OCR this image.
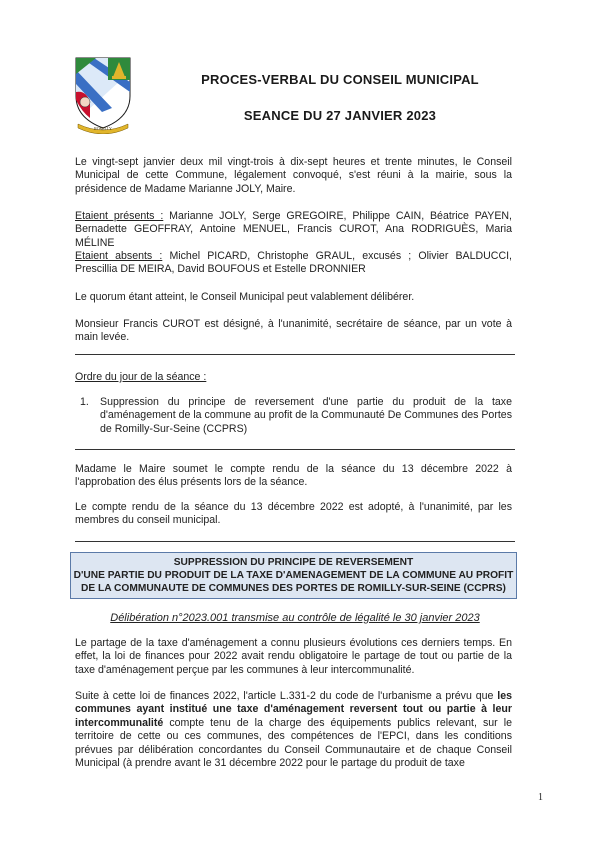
ROMILLY
PROCES-VERBAL DU CONSEIL MUNICIPAL
SEANCE DU 27 JANVIER 2023

Le vingt-sept janvier deux mil vingt-trois à dix-sept heures et trente minutes, le Conseil Municipal de cette Commune, légalement convoqué, s'est réuni à la mairie, sous la présidence de Madame Marianne JOLY, Maire.

Etaient présents : Marianne JOLY, Serge GREGOIRE, Philippe CAIN, Béatrice PAYEN, Bernadette GEOFFRAY, Antoine MENUEL, Francis CUROT, Ana RODRIGUÈS, Maria MÉLINE

Etaient absents : Michel PICARD, Christophe GRAUL, excusés ; Olivier BALDUCCI, Prescillia DE MEIRA, David BOUFOUS et Estelle DRONNIER

Le quorum étant atteint, le Conseil Municipal peut valablement délibérer.

Monsieur Francis CUROT est désigné, à l'unanimité, secrétaire de séance, par un vote à main levée.

Ordre du jour de la séance :

1.	Suppression du principe de reversement d'une partie du produit de la taxe d'aménagement de la commune au profit de la Communauté De Communes des Portes de Romilly-Sur-Seine (CCPRS)

Madame le Maire soumet le compte rendu de la séance du 13 décembre 2022 à l'approbation des élus présents lors de la séance.

Le compte rendu de la séance du 13 décembre 2022 est adopté, à l'unanimité, par les membres du conseil municipal.

SUPPRESSION DU PRINCIPE DE REVERSEMENT
D'UNE PARTIE DU PRODUIT DE LA TAXE D'AMENAGEMENT DE LA COMMUNE AU PROFIT
DE LA COMMUNAUTE DE COMMUNES DES PORTES DE ROMILLY-SUR-SEINE (CCPRS)
Délibération n°2023.001 transmise au contrôle de légalité le 30 janvier 2023

Le partage de la taxe d'aménagement a connu plusieurs évolutions ces derniers temps. En effet, la loi de finances pour 2022 avait rendu obligatoire le partage de tout ou partie de la taxe d'aménagement perçue par les communes à leur intercommunalité.

Suite à cette loi de finances 2022, l'article L.331-2 du code de l'urbanisme a prévu que les communes ayant institué une taxe d'aménagement reversent tout ou partie à leur intercommunalité compte tenu de la charge des équipements publics relevant, sur le territoire de cette ou ces communes, des compétences de l'EPCI, dans les conditions prévues par délibération concordantes du Conseil Communautaire et de chaque Conseil Municipal (à prendre avant le 31 décembre 2022 pour le partage du produit de taxe

1
